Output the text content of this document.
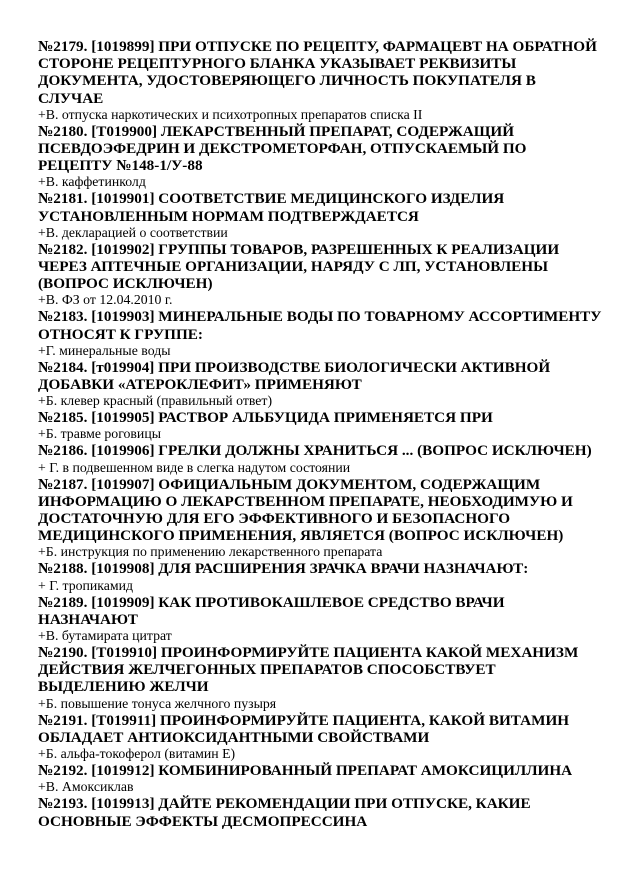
№2179. [1019899] ПРИ ОТПУСКЕ ПО РЕЦЕПТУ, ФАРМАЦЕВТ НА ОБРАТНОЙ СТОРОНЕ РЕЦЕПТУРНОГО БЛАНКА УКАЗЫВАЕТ РЕКВИЗИТЫ ДОКУМЕНТА, УДОСТОВЕРЯЮЩЕГО ЛИЧНОСТЬ ПОКУПАТЕЛЯ В СЛУЧАЕ

+В. отпуска наркотических и психотропных препаратов списка II

№2180. [T019900] ЛЕКАРСТВЕННЫЙ ПРЕПАРАТ, СОДЕРЖАЩИЙ ПСЕВДОЭФЕДРИН И ДЕКСТРОМЕТОРФАН, ОТПУСКАЕМЫЙ ПО РЕЦЕПТУ №148-1/У-88

+В. каффетинколд

№2181. [1019901] СООТВЕТСТВИЕ МЕДИЦИНСКОГО ИЗДЕЛИЯ УСТАНОВЛЕННЫМ НОРМАМ ПОДТВЕРЖДАЕТСЯ

+В. декларацией о соответствии

№2182. [1019902] ГРУППЫ ТОВАРОВ, РАЗРЕШЕННЫХ К РЕАЛИЗАЦИИ ЧЕРЕЗ АПТЕЧНЫЕ ОРГАНИЗАЦИИ, НАРЯДУ С ЛП, УСТАНОВЛЕНЫ (ВОПРОС ИСКЛЮЧЕН)

+В. ФЗ от 12.04.2010 г.

№2183. [1019903] МИНЕРАЛЬНЫЕ ВОДЫ ПО ТОВАРНОМУ АССОРТИМЕНТУ ОТНОСЯТ К ГРУППЕ:

+Г. минеральные воды

№2184. [т019904] ПРИ ПРОИЗВОДСТВЕ БИОЛОГИЧЕСКИ АКТИВНОЙ ДОБАВКИ «АТЕРОКЛЕФИТ» ПРИМЕНЯЮТ

+Б. клевер красный (правильный ответ)

№2185. [1019905] РАСТВОР АЛЬБУЦИДА ПРИМЕНЯЕТСЯ ПРИ

+Б. травме роговицы

№2186. [1019906] ГРЕЛКИ ДОЛЖНЫ ХРАНИТЬСЯ ... (ВОПРОС ИСКЛЮЧЕН)

+ Г. в подвешенном виде в слегка надутом состоянии

№2187. [1019907] ОФИЦИАЛЬНЫМ ДОКУМЕНТОМ, СОДЕРЖАЩИМ ИНФОРМАЦИЮ О ЛЕКАРСТВЕННОМ ПРЕПАРАТЕ, НЕОБХОДИМУЮ И ДОСТАТОЧНУЮ ДЛЯ ЕГО ЭФФЕКТИВНОГО И БЕЗОПАСНОГО МЕДИЦИНСКОГО ПРИМЕНЕНИЯ, ЯВЛЯЕТСЯ (ВОПРОС ИСКЛЮЧЕН)

+Б. инструкция по применению лекарственного препарата

№2188. [1019908] ДЛЯ РАСШИРЕНИЯ ЗРАЧКА ВРАЧИ НАЗНАЧАЮТ:

+ Г. тропикамид

№2189. [1019909] КАК ПРОТИВОКАШЛЕВОЕ СРЕДСТВО ВРАЧИ НАЗНАЧАЮТ

+В. бутамирата цитрат

№2190. [T019910] ПРОИНФОРМИРУЙТЕ ПАЦИЕНТА КАКОЙ МЕХАНИЗМ ДЕЙСТВИЯ ЖЕЛЧЕГОННЫХ ПРЕПАРАТОВ СПОСОБСТВУЕТ ВЫДЕЛЕНИЮ ЖЕЛЧИ

+Б. повышение тонуса желчного пузыря

№2191. [T019911] ПРОИНФОРМИРУЙТЕ ПАЦИЕНТА, КАКОЙ ВИТАМИН ОБЛАДАЕТ АНТИОКСИДАНТНЫМИ СВОЙСТВАМИ

+Б. альфа-токоферол (витамин Е)

№2192. [1019912] КОМБИНИРОВАННЫЙ ПРЕПАРАТ АМОКСИЦИЛЛИНА

+В. Амоксиклав

№2193. [1019913] ДАЙТЕ РЕКОМЕНДАЦИИ ПРИ ОТПУСКЕ, КАКИЕ ОСНОВНЫЕ ЭФФЕКТЫ ДЕСМОПРЕССИНА
